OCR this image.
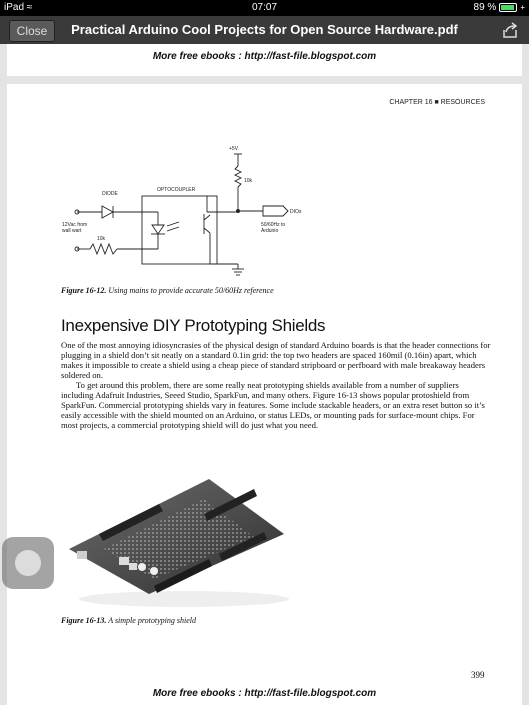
iPad ≈	07:07	89 %	+
Close	Practical Arduino Cool Projects for Open Source Hardware.pdf
More free ebooks : http://fast-file.blogspot.com
CHAPTER 16 ■ RESOURCES
+5V
10k
DIODE
OPTOCOUPLER
12Vac from
wall wart
10k
DIOs
50/60Hz to
Arduino
Figure 16-12. Using mains to provide accurate 50/60Hz reference
Inexpensive DIY Prototyping Shields

One of the most annoying idiosyncrasies of the physical design of standard Arduino boards is that the header connections for plugging in a shield don’t sit neatly on a standard 0.1in grid: the top two headers are spaced 160mil (0.16in) apart, which makes it impossible to create a shield using a cheap piece of standard stripboard or perfboard with male breakaway headers soldered on.

To get around this problem, there are some really neat prototyping shields available from a number of suppliers including Adafruit Industries, Seeed Studio, SparkFun, and many others. Figure 16-13 shows popular protoshield from SparkFun. Commercial prototyping shields vary in features. Some include stackable headers, or an extra reset button so it’s easily accessible with the shield mounted on an Arduino, or status LEDs, or mounting pads for surface-mount chips. For most projects, a commercial prototyping shield will do just what you need.

Figure 16-13. A simple prototyping shield
399
More free ebooks : http://fast-file.blogspot.com
